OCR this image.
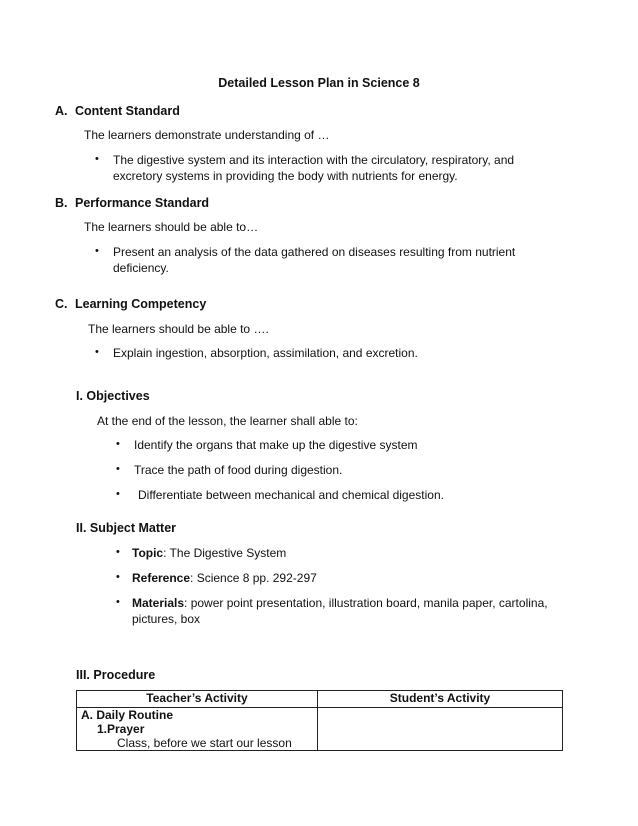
Detailed Lesson Plan in Science 8
A. Content Standard
The learners demonstrate understanding of …
• The digestive system and its interaction with the circulatory, respiratory, and excretory systems in providing the body with nutrients for energy.
B. Performance Standard
The learners should be able to…
• Present an analysis of the data gathered on diseases resulting from nutrient deficiency.
C. Learning Competency
The learners should be able to ….
• Explain ingestion, absorption, assimilation, and excretion.
I. Objectives
At the end of the lesson, the learner shall able to:
• Identify the organs that make up the digestive system
• Trace the path of food during digestion.
• Differentiate between mechanical and chemical digestion.
II. Subject Matter
• Topic: The Digestive System
• Reference: Science 8 pp. 292-297
• Materials: power point presentation, illustration board, manila paper, cartolina, pictures, box
III. Procedure
Teacher’s Activity	Student’s Activity

A. Daily Routine
1.Prayer
Class, before we start our lesson	
